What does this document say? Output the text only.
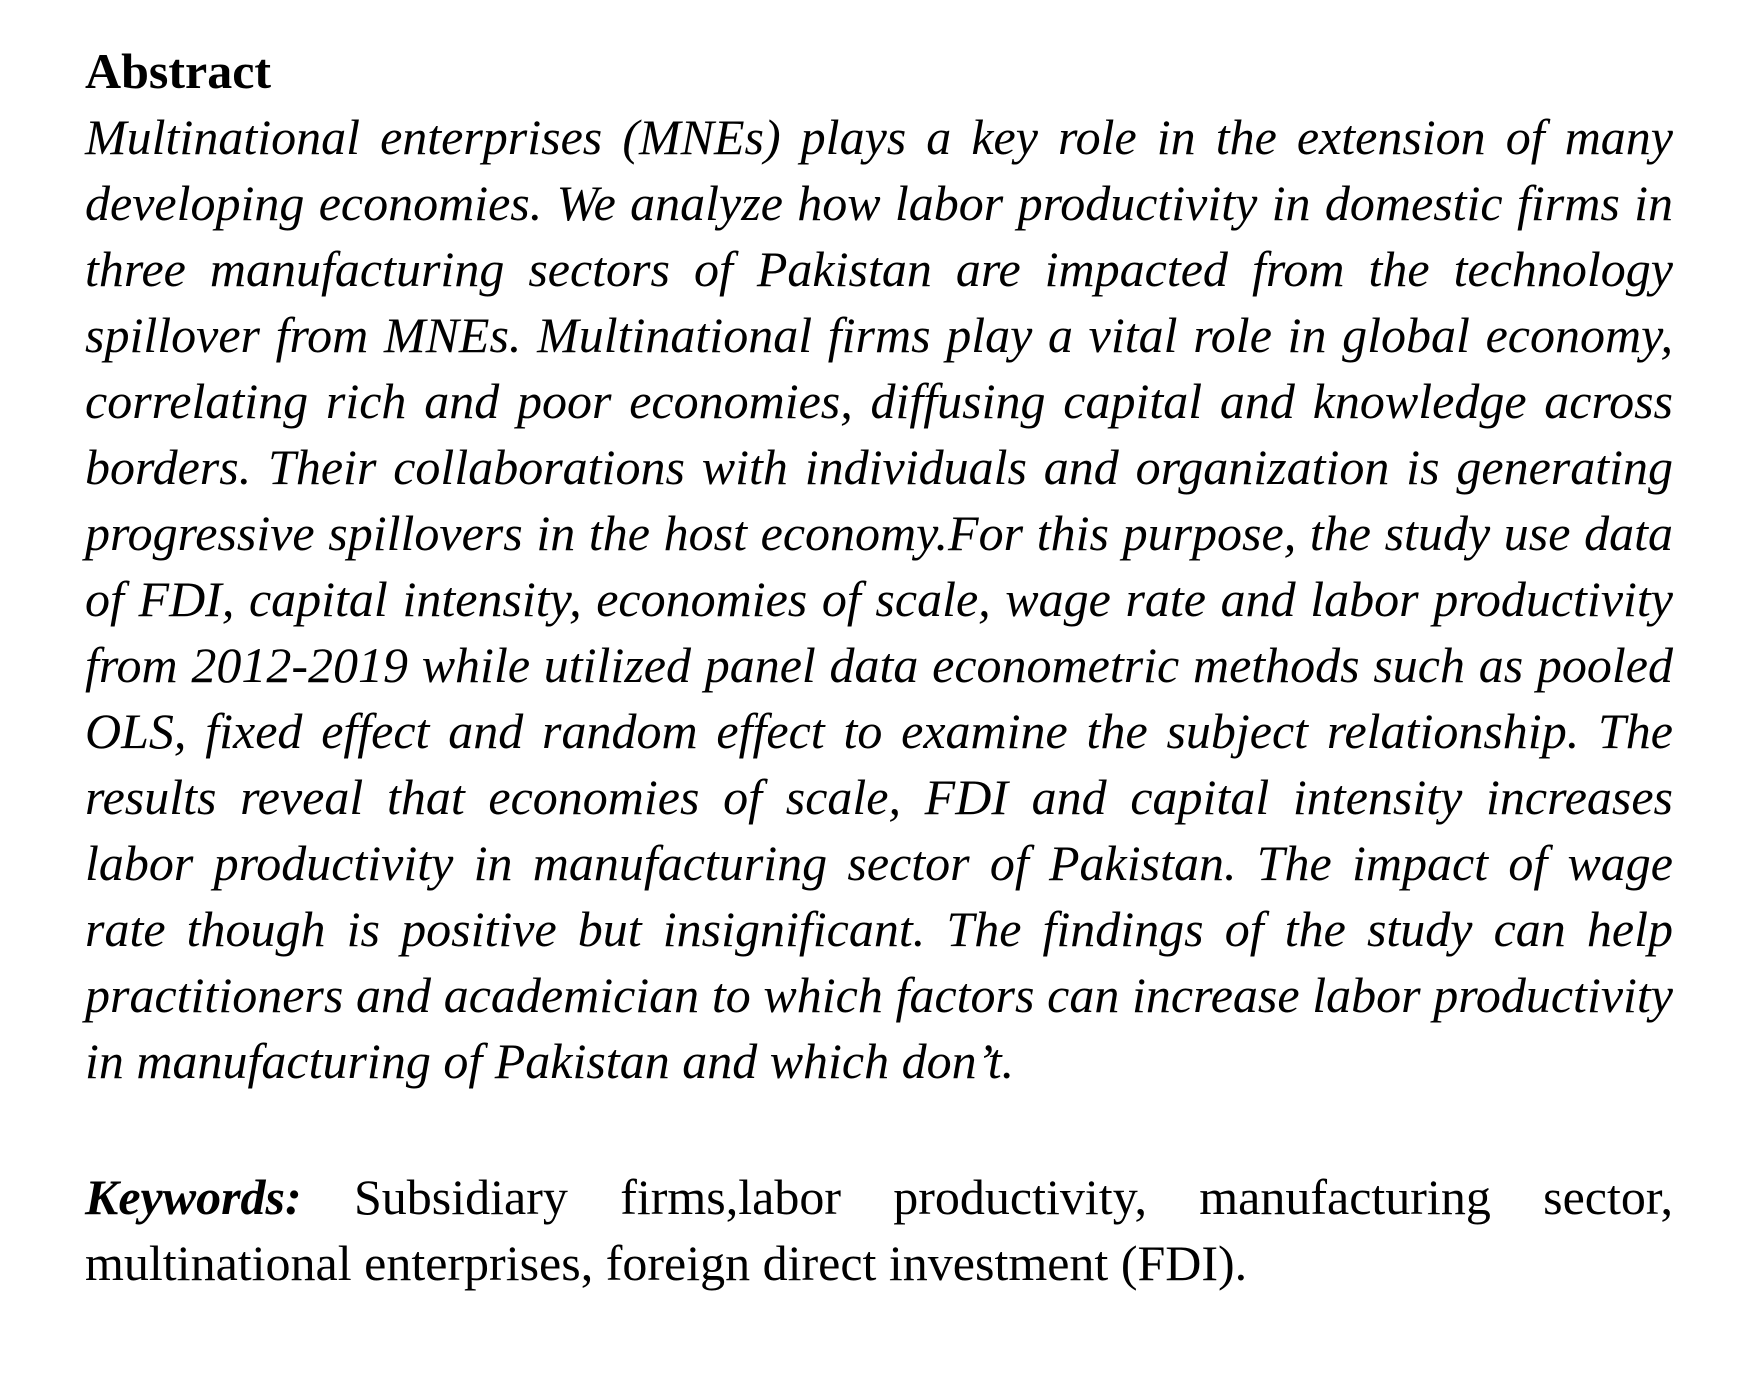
Abstract

Multinational enterprises (MNEs) plays a key role in the extension of many developing economies. We analyze how labor productivity in domestic firms in three manufacturing sectors of Pakistan are impacted from the technology spillover from MNEs. Multinational firms play a vital role in global economy, correlating rich and poor economies, diffusing capital and knowledge across borders. Their collaborations with individuals and organization is generating progressive spillovers in the host economy.For this purpose, the study use data of FDI, capital intensity, economies of scale, wage rate and labor productivity from 2012-2019 while utilized panel data econometric methods such as pooled OLS, fixed effect and random effect to examine the subject relationship. The results reveal that economies of scale, FDI and capital intensity increases labor productivity in manufacturing sector of Pakistan. The impact of wage rate though is positive but insignificant. The findings of the study can help practitioners and academician to which factors can increase labor productivity in manufacturing of Pakistan and which don’t.

Keywords: Subsidiary firms,labor productivity, manufacturing sector, multinational enterprises, foreign direct investment (FDI).
